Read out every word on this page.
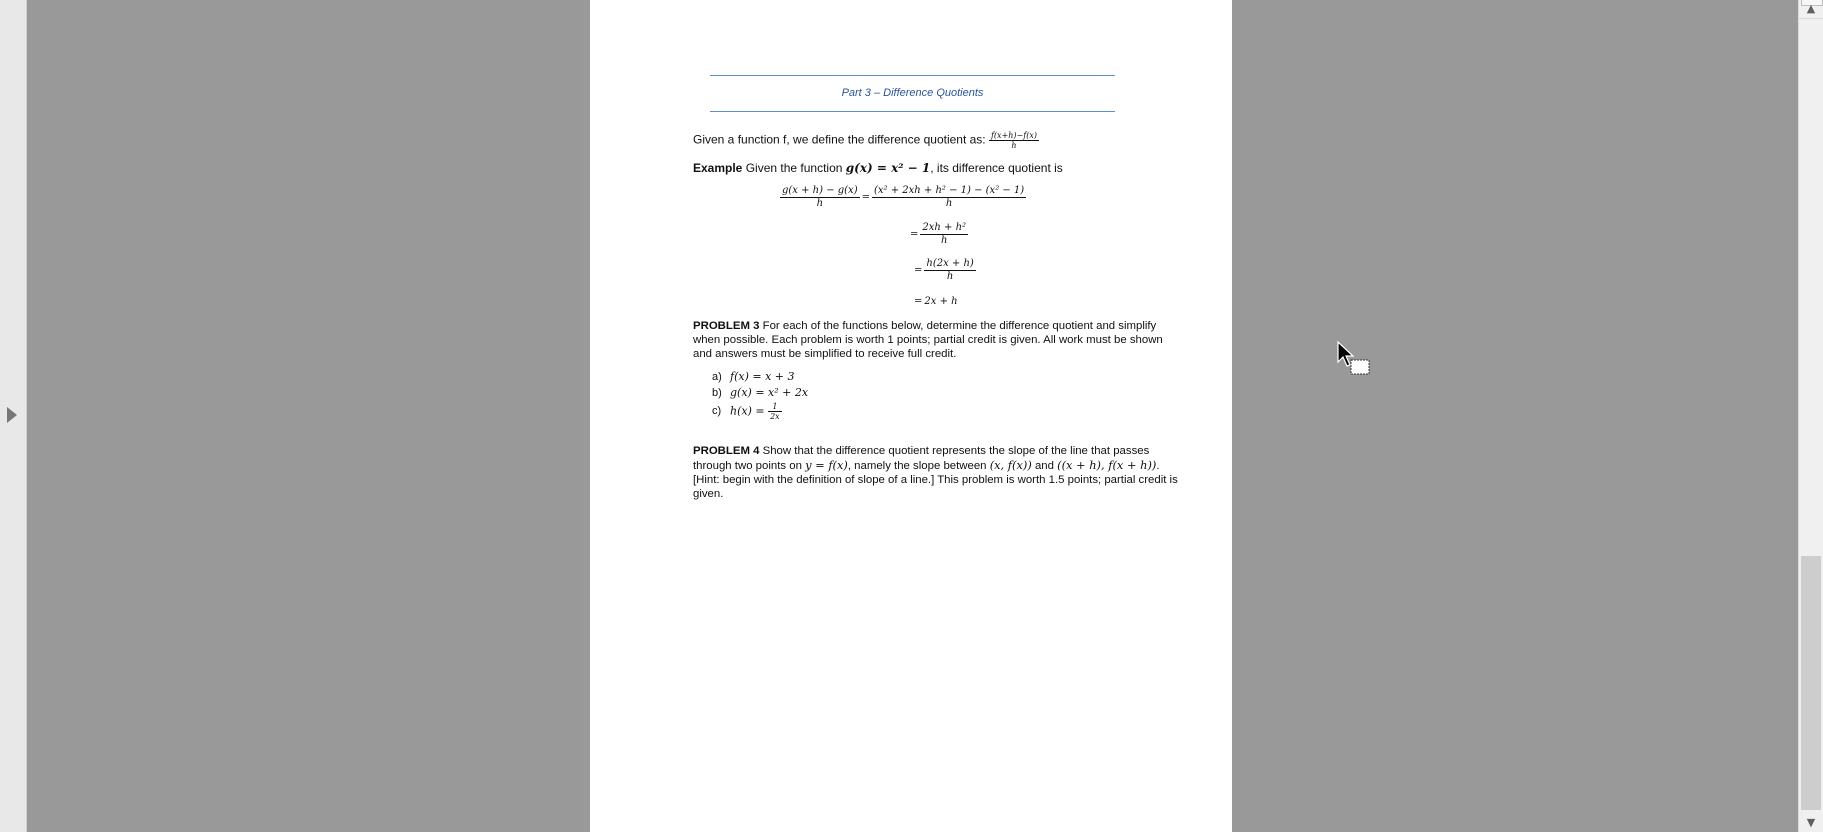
Part 3 – Difference Quotients
Given a function f, we define the difference quotient as: $\frac{f(x+h)-f(x)}{h}$
Example Given the function g(x) = x² − 1, its difference quotient is
$\frac{g(x + h) - g(x)}{h} = \frac{\text{(x² + 2xh + h² − 1) − (x² − 1)}}{h}$
= $\frac{\text{2xh + h²}}{h}$
= $\frac{h(2x + h)}{h}$
= 2x + h
PROBLEM 3 For each of the functions below, determine the difference quotient and simplify when possible. Each problem is worth 1 points; partial credit is given. All work must be shown and answers must be simplified to receive full credit.
a) f(x) = x + 3
b) g(x) = x² + 2x
c) $h(x) = \frac{1}{2x}$
PROBLEM 4 Show that the difference quotient represents the slope of the line that passes through two points on y = f(x), namely the slope between (x, f(x)) and ((x + h), f(x + h)). [Hint: begin with the definition of slope of a line.] This problem is worth 1.5 points; partial credit is given.
▲
▼
